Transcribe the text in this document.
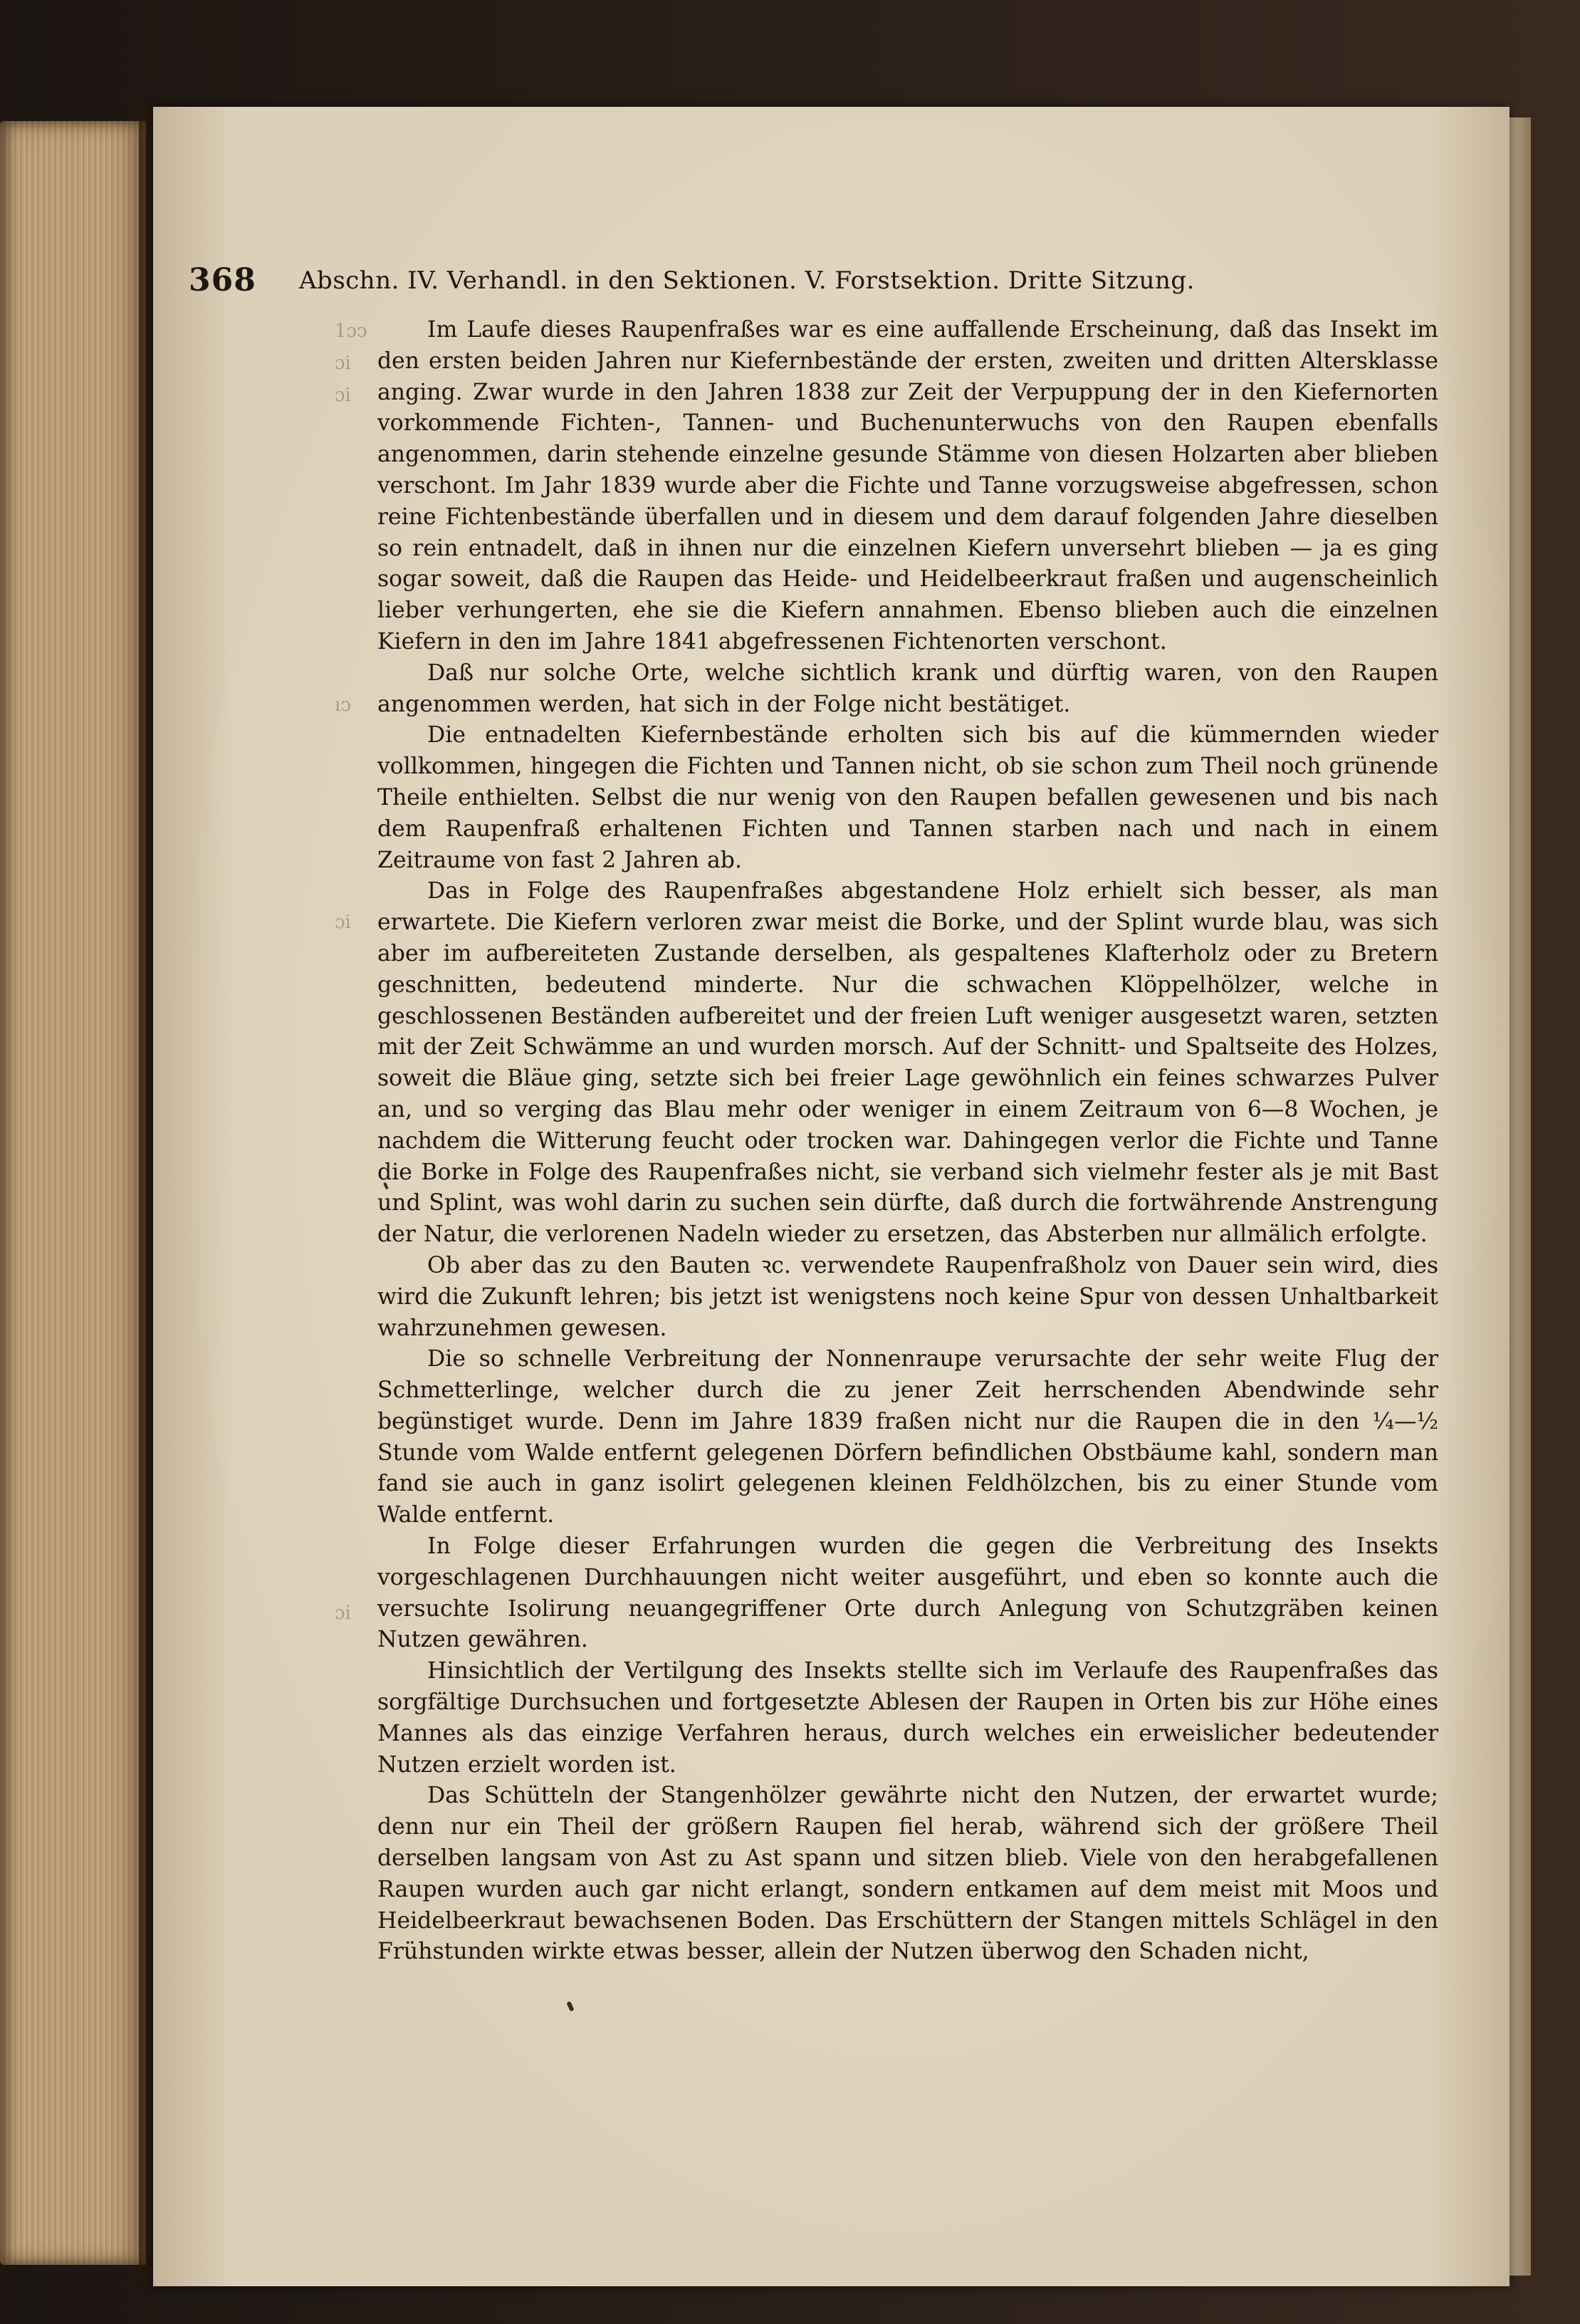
1ɔↄ
ɔi
ɔi
ıↄ
ɔi
ɔi
368 Abschn. IV. Verhandl. in den Sektionen. V. Forstsektion. Dritte Sitzung.

Im Laufe dieses Raupenfraßes war es eine auffallende Erscheinung, daß das Insekt im den ersten beiden Jahren nur Kiefernbestände der ersten, zweiten und dritten Altersklasse anging. Zwar wurde in den Jahren 1838 zur Zeit der Verpuppung der in den Kiefernorten vorkommende Fichten-, Tannen- und Buchenunterwuchs von den Raupen ebenfalls angenommen, darin stehende einzelne gesunde Stämme von diesen Holzarten aber blieben verschont. Im Jahr 1839 wurde aber die Fichte und Tanne vorzugsweise abgefressen, schon reine Fichtenbestände überfallen und in diesem und dem darauf folgenden Jahre dieselben so rein entnadelt, daß in ihnen nur die einzelnen Kiefern unversehrt blieben — ja es ging sogar soweit, daß die Raupen das Heide- und Heidelbeerkraut fraßen und augenscheinlich lieber verhungerten, ehe sie die Kiefern annahmen. Ebenso blieben auch die einzelnen Kiefern in den im Jahre 1841 abgefressenen Fichtenorten verschont.

Daß nur solche Orte, welche sichtlich krank und dürftig waren, von den Raupen angenommen werden, hat sich in der Folge nicht bestätiget.

Die entnadelten Kiefernbestände erholten sich bis auf die kümmernden wieder vollkommen, hingegen die Fichten und Tannen nicht, ob sie schon zum Theil noch grünende Theile enthielten. Selbst die nur wenig von den Raupen befallen gewesenen und bis nach dem Raupenfraß erhaltenen Fichten und Tannen starben nach und nach in einem Zeitraume von fast 2 Jahren ab.

Das in Folge des Raupenfraßes abgestandene Holz erhielt sich besser, als man erwartete. Die Kiefern verloren zwar meist die Borke, und der Splint wurde blau, was sich aber im aufbereiteten Zustande derselben, als gespaltenes Klafterholz oder zu Bretern geschnitten, bedeutend minderte. Nur die schwachen Klöppelhölzer, welche in geschlossenen Beständen aufbereitet und der freien Luft weniger ausgesetzt waren, setzten mit der Zeit Schwämme an und wurden morsch. Auf der Schnitt- und Spaltseite des Holzes, soweit die Bläue ging, setzte sich bei freier Lage gewöhnlich ein feines schwarzes Pulver an, und so verging das Blau mehr oder weniger in einem Zeitraum von 6—8 Wochen, je nachdem die Witterung feucht oder trocken war. Dahingegen verlor die Fichte und Tanne die Borke in Folge des Raupenfraßes nicht, sie verband sich vielmehr fester als je mit Bast und Splint, was wohl darin zu suchen sein dürfte, daß durch die fortwährende Anstrengung der Natur, die verlorenen Nadeln wieder zu ersetzen, das Absterben nur allmälich erfolgte.

Ob aber das zu den Bauten ꝛc. verwendete Raupenfraßholz von Dauer sein wird, dies wird die Zukunft lehren; bis jetzt ist wenigstens noch keine Spur von dessen Unhaltbarkeit wahrzunehmen gewesen.

Die so schnelle Verbreitung der Nonnenraupe verursachte der sehr weite Flug der Schmetterlinge, welcher durch die zu jener Zeit herrschenden Abendwinde sehr begünstiget wurde. Denn im Jahre 1839 fraßen nicht nur die Raupen die in den ¼—½ Stunde vom Walde entfernt gelegenen Dörfern befindlichen Obstbäume kahl, sondern man fand sie auch in ganz isolirt gelegenen kleinen Feldhölzchen, bis zu einer Stunde vom Walde entfernt.

In Folge dieser Erfahrungen wurden die gegen die Verbreitung des Insekts vorgeschlagenen Durchhauungen nicht weiter ausgeführt, und eben so konnte auch die versuchte Isolirung neuangegriffener Orte durch Anlegung von Schutzgräben keinen Nutzen gewähren.

Hinsichtlich der Vertilgung des Insekts stellte sich im Verlaufe des Raupenfraßes das sorgfältige Durchsuchen und fortgesetzte Ablesen der Raupen in Orten bis zur Höhe eines Mannes als das einzige Verfahren heraus, durch welches ein erweislicher bedeutender Nutzen erzielt worden ist.

Das Schütteln der Stangenhölzer gewährte nicht den Nutzen, der erwartet wurde; denn nur ein Theil der größern Raupen fiel herab, während sich der größere Theil derselben langsam von Ast zu Ast spann und sitzen blieb. Viele von den herabgefallenen Raupen wurden auch gar nicht erlangt, sondern entkamen auf dem meist mit Moos und Heidelbeerkraut bewachsenen Boden. Das Erschüttern der Stangen mittels Schlägel in den Frühstunden wirkte etwas besser, allein der Nutzen überwog den Schaden nicht,
